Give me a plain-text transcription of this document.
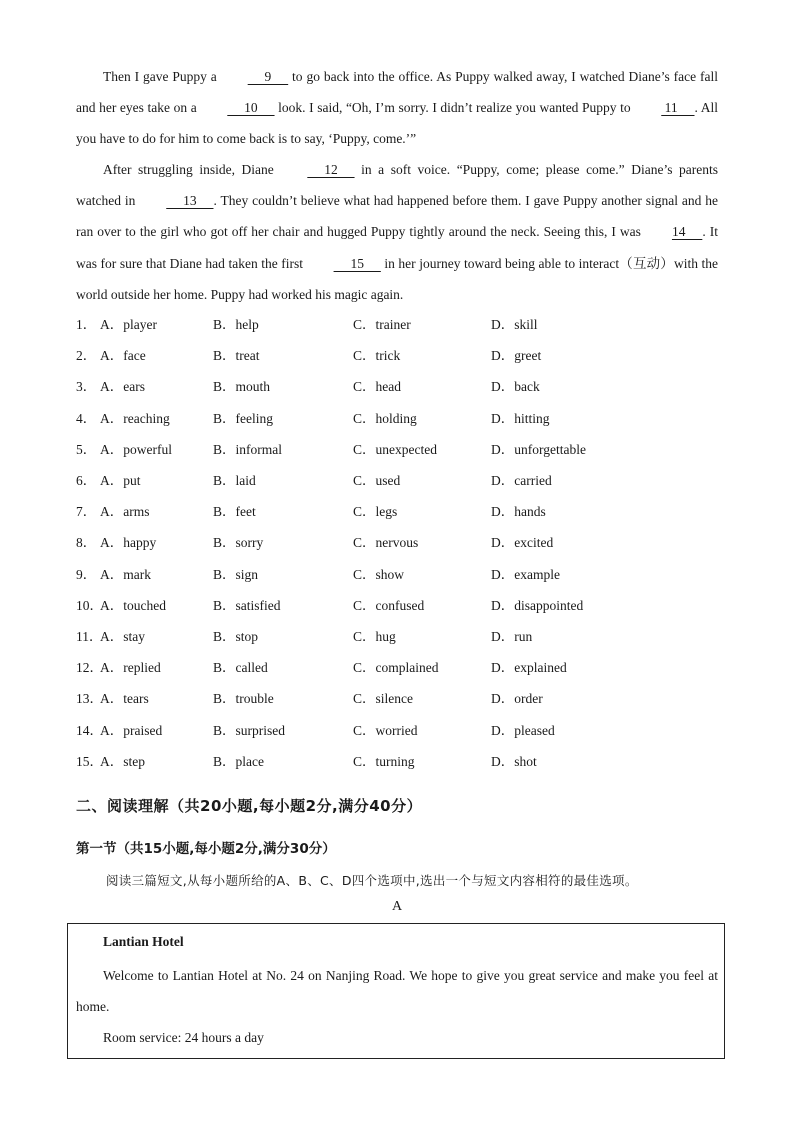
Then I gave Puppy a      9      to go back into the office. As Puppy walked away, I watched Diane’s face fall and her eyes take on a      10      look. I said, “Oh, I’m sorry. I didn’t realize you wanted Puppy to  11     . All you have to do for him to come back is to say, ‘Puppy, come.’”
After struggling inside, Diane      12      in a soft voice. “Puppy, come; please come.” Diane’s parents watched in      13     . They couldn’t believe what had happened before them. I gave Puppy another signal and he ran over to the girl who got off her chair and hugged Puppy tightly around the neck. Seeing this, I was 14     . It was for sure that Diane had taken the first      15      in her journey toward being able to interact（互动）with the world outside her home. Puppy had worked his magic again.
1． A．player	B．help	C．trainer	D．skill
2． A．face	B．treat	C．trick	D．greet
3． A．ears	B．mouth	C．head	D．back
4． A．reaching	B．feeling	C．holding	D．hitting
5． A．powerful	B．informal	C．unexpected	D．unforgettable
6． A．put	B．laid	C．used	D．carried
7． A．arms	B．feet	C．legs	D．hands
8． A．happy	B．sorry	C．nervous	D．excited
9． A．mark	B．sign	C．show	D．example
10．
A．touched	B．satisfied	C．confused	D．disappointed
11．
A．stay	B．stop	C．hug	D．run
12．
A．replied	B．called	C．complained	D．explained
13．
A．tears	B．trouble	C．silence	D．order
14．
A．praised	B．surprised	C．worried	D．pleased
15．
A．step	B．place	C．turning	D．shot
二、阅读理解（共20小题,每小题2分,满分40分）
第一节（共15小题,每小题2分,满分30分）
阅读三篇短文,从每小题所给的A、B、C、D四个选项中,选出一个与短文内容相符的最佳选项。
A
Lantian Hotel
Welcome to Lantian Hotel at No. 24 on Nanjing Road. We hope to give you great service and make you feel at home.
Room service: 24 hours a day
